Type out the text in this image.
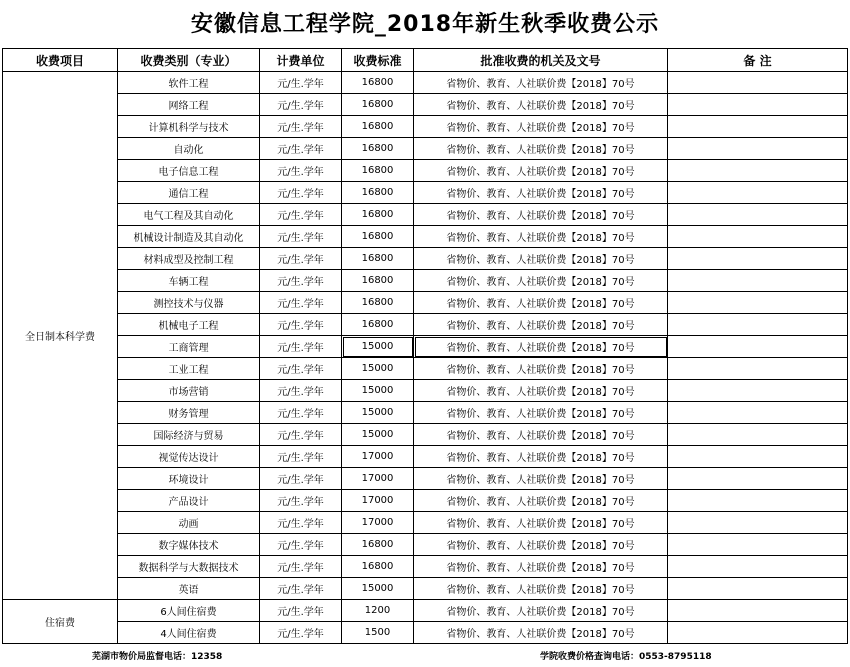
安徽信息工程学院_2018年新生秋季收费公示
收费项目	收费类别（专业）	计费单位	收费标准	批准收费的机关及文号	备 注
全日制本科学费	软件工程	元/生.学年	16800	省物价、教育、人社联价费【2018】70号	
	网络工程	元/生.学年	16800	省物价、教育、人社联价费【2018】70号	
	计算机科学与技术	元/生.学年	16800	省物价、教育、人社联价费【2018】70号	
	自动化	元/生.学年	16800	省物价、教育、人社联价费【2018】70号	
	电子信息工程	元/生.学年	16800	省物价、教育、人社联价费【2018】70号	
	通信工程	元/生.学年	16800	省物价、教育、人社联价费【2018】70号	
	电气工程及其自动化	元/生.学年	16800	省物价、教育、人社联价费【2018】70号	
	机械设计制造及其自动化	元/生.学年	16800	省物价、教育、人社联价费【2018】70号	
	材料成型及控制工程	元/生.学年	16800	省物价、教育、人社联价费【2018】70号	
	车辆工程	元/生.学年	16800	省物价、教育、人社联价费【2018】70号	
	测控技术与仪器	元/生.学年	16800	省物价、教育、人社联价费【2018】70号	
	机械电子工程	元/生.学年	16800	省物价、教育、人社联价费【2018】70号	
	工商管理	元/生.学年	15000	省物价、教育、人社联价费【2018】70号	
	工业工程	元/生.学年	15000	省物价、教育、人社联价费【2018】70号	
	市场营销	元/生.学年	15000	省物价、教育、人社联价费【2018】70号	
	财务管理	元/生.学年	15000	省物价、教育、人社联价费【2018】70号	
	国际经济与贸易	元/生.学年	15000	省物价、教育、人社联价费【2018】70号	
	视觉传达设计	元/生.学年	17000	省物价、教育、人社联价费【2018】70号	
	环境设计	元/生.学年	17000	省物价、教育、人社联价费【2018】70号	
	产品设计	元/生.学年	17000	省物价、教育、人社联价费【2018】70号	
	动画	元/生.学年	17000	省物价、教育、人社联价费【2018】70号	
	数字媒体技术	元/生.学年	16800	省物价、教育、人社联价费【2018】70号	
	数据科学与大数据技术	元/生.学年	16800	省物价、教育、人社联价费【2018】70号	
	英语	元/生.学年	15000	省物价、教育、人社联价费【2018】70号	
住宿费	6人间住宿费	元/生.学年	1200	省物价、教育、人社联价费【2018】70号	
	4人间住宿费	元/生.学年	1500	省物价、教育、人社联价费【2018】70号	
芜湖市物价局监督电话：12358	学院收费价格查询电话：0553-8795118
